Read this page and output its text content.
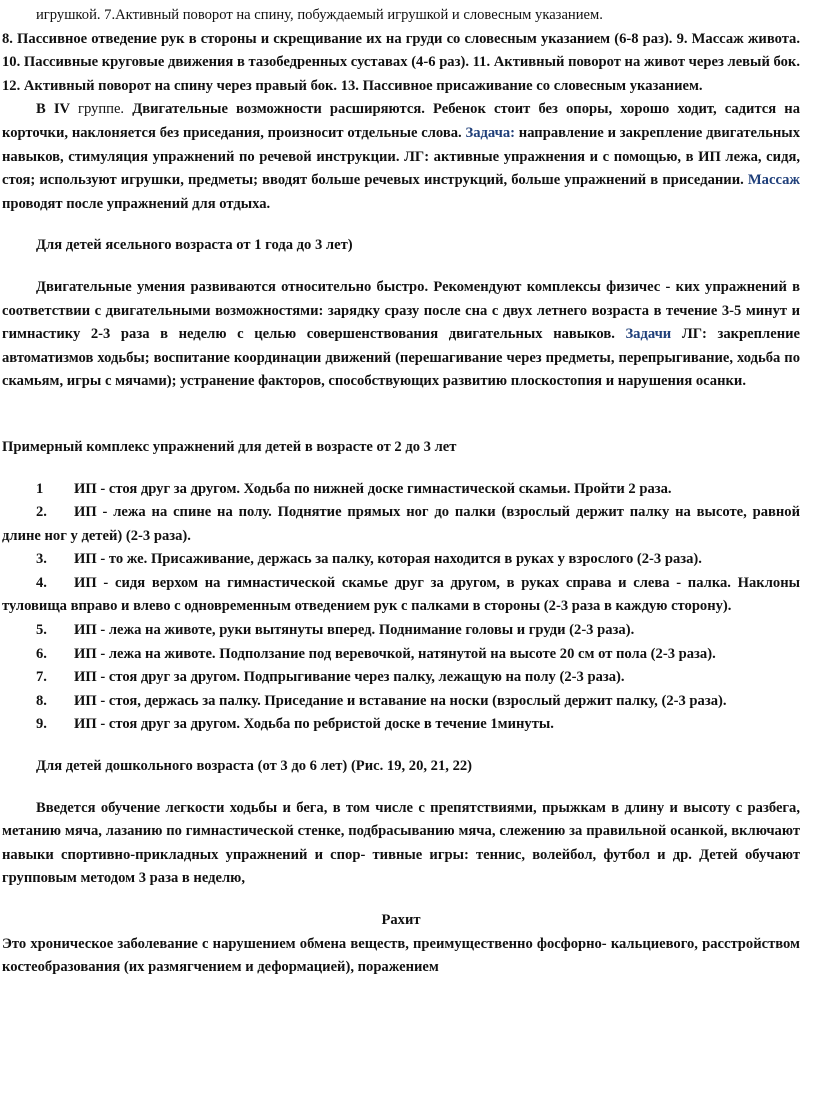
игрушкой. 7.Активный поворот на спину, побуждаемый игрушкой и словесным указанием.

8. Пассивное отведение рук в стороны и скрещивание их на груди со словесным указанием (6-8 раз). 9. Массаж живота. 10. Пассивные круговые движения в тазобедренных суставах (4-6 раз). 11. Активный поворот на живот через левый бок. 12. Активный поворот на спину через правый бок. 13. Пассивное присаживание со словесным указанием.

В IV группе. Двигательные возможности расширяются. Ребенок стоит без опоры, хорошо ходит, садится на корточки, наклоняется без приседания, произносит отдельные слова. Задача: направление и закрепление двигательных навыков, стимуляция упражнений по речевой инструкции. ЛГ: активные упражнения и с помощью, в ИП лежа, сидя, стоя; используют игрушки, предметы; вводят больше речевых инструкций, больше упражнений в приседании. Массаж проводят после упражнений для отдыха.

Для детей ясельного возраста от 1 года до 3 лет)

Двигательные умения развиваются относительно быстро. Рекомендуют комплексы физичес - ких упражнений в соответствии с двигательными возможностями: зарядку сразу после сна с двух летнего возраста в течение 3-5 минут и гимнастику 2-3 раза в неделю с целью совершенствования двигательных навыков. Задачи ЛГ: закрепление автоматизмов ходьбы; воспитание координации движений (перешагивание через предметы, перепрыгивание, ходьба по скамьям, игры с мячами); устранение факторов, способствующих развитию плоскостопия и нарушения осанки.

Примерный комплекс упражнений для детей в возрасте от 2 до 3 лет

1 ИП - стоя друг за другом. Ходьба по нижней доске гимнастической скамьи. Пройти 2 раза.

2. ИП - лежа на спине на полу. Поднятие прямых ног до палки (взрослый держит палку на высоте, равной длине ног у детей) (2-3 раза).

3. ИП - то же. Присаживание, держась за палку, которая находится в руках у взрослого (2-3 раза).

4. ИП - сидя верхом на гимнастической скамье друг за другом, в руках справа и слева - палка. Наклоны туловища вправо и влево с одновременным отведением рук с палками в стороны (2-3 раза в каждую сторону).

5. ИП - лежа на животе, руки вытянуты вперед. Поднимание головы и груди (2-3 раза).

6. ИП - лежа на животе. Подползание под веревочкой, натянутой на высоте 20 см от пола (2-3 раза).

7. ИП - стоя друг за другом. Подпрыгивание через палку, лежащую на полу (2-3 раза).

8. ИП - стоя, держась за палку. Приседание и вставание на носки (взрослый держит палку, (2-3 раза).

9. ИП - стоя друг за другом. Ходьба по ребристой доске в течение 1минуты.

Для детей дошкольного возраста (от 3 до 6 лет) (Рис. 19, 20, 21, 22)

Введется обучение легкости ходьбы и бега, в том числе с препятствиями, прыжкам в длину и высоту с разбега, метанию мяча, лазанию по гимнастической стенке, подбрасыванию мяча, слежению за правильной осанкой, включают навыки спортивно-прикладных упражнений и спор- тивные игры: теннис, волейбол, футбол и др. Детей обучают групповым методом 3 раза в неделю,

Рахит

Это хроническое заболевание с нарушением обмена веществ, преимущественно фосфорно- кальциевого, расстройством костеобразования (их размягчением и деформацией), поражением
